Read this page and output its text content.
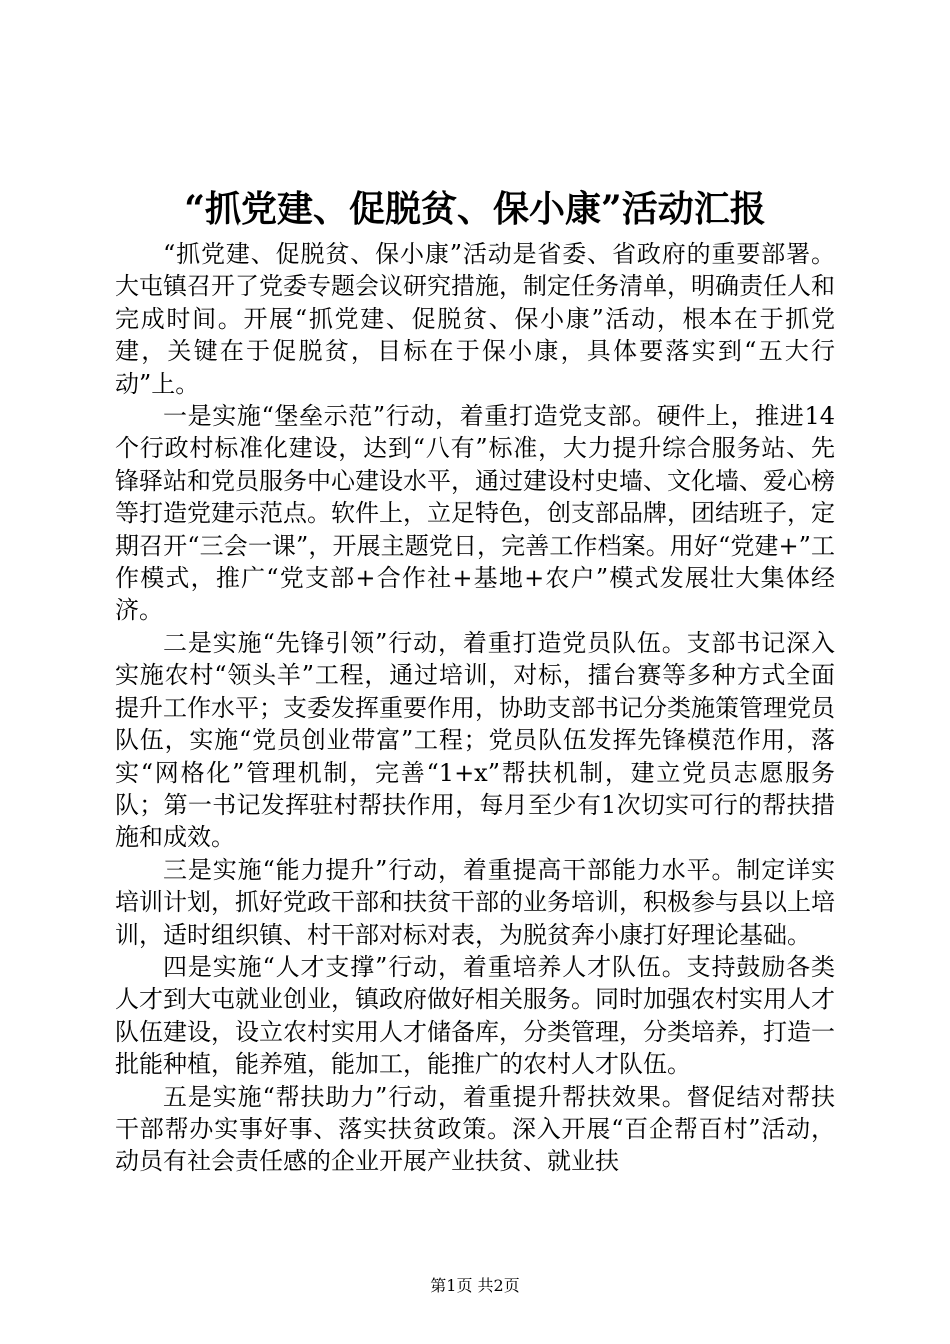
“抓党建、促脱贫、保小康”活动汇报

“抓党建、促脱贫、保小康”活动是省委、省政府的重要部署。大屯镇召开了党委专题会议研究措施，制定任务清单，明确责任人和完成时间。开展“抓党建、促脱贫、保小康”活动，根本在于抓党建，关键在于促脱贫，目标在于保小康，具体要落实到“五大行动”上。

一是实施“堡垒示范”行动，着重打造党支部。硬件上，推进14个行政村标准化建设，达到“八有”标准，大力提升综合服务站、先锋驿站和党员服务中心建设水平，通过建设村史墙、文化墙、爱心榜等打造党建示范点。软件上，立足特色，创支部品牌，团结班子，定期召开“三会一课”，开展主题党日，完善工作档案。用好“党建+”工作模式，推广“党支部+合作社+基地+农户”模式发展壮大集体经济。

二是实施“先锋引领”行动，着重打造党员队伍。支部书记深入实施农村“领头羊”工程，通过培训，对标，擂台赛等多种方式全面提升工作水平；支委发挥重要作用，协助支部书记分类施策管理党员队伍，实施“党员创业带富”工程；党员队伍发挥先锋模范作用，落实“网格化”管理机制，完善“1+x”帮扶机制，建立党员志愿服务队；第一书记发挥驻村帮扶作用，每月至少有1次切实可行的帮扶措施和成效。

三是实施“能力提升”行动，着重提高干部能力水平。制定详实培训计划，抓好党政干部和扶贫干部的业务培训，积极参与县以上培训，适时组织镇、村干部对标对表，为脱贫奔小康打好理论基础。

四是实施“人才支撑”行动，着重培养人才队伍。支持鼓励各类人才到大屯就业创业，镇政府做好相关服务。同时加强农村实用人才队伍建设，设立农村实用人才储备库，分类管理，分类培养，打造一批能种植，能养殖，能加工，能推广的农村人才队伍。

五是实施“帮扶助力”行动，着重提升帮扶效果。督促结对帮扶干部帮办实事好事、落实扶贫政策。深入开展“百企帮百村”活动，动员有社会责任感的企业开展产业扶贫、就业扶

第1页 共2页
